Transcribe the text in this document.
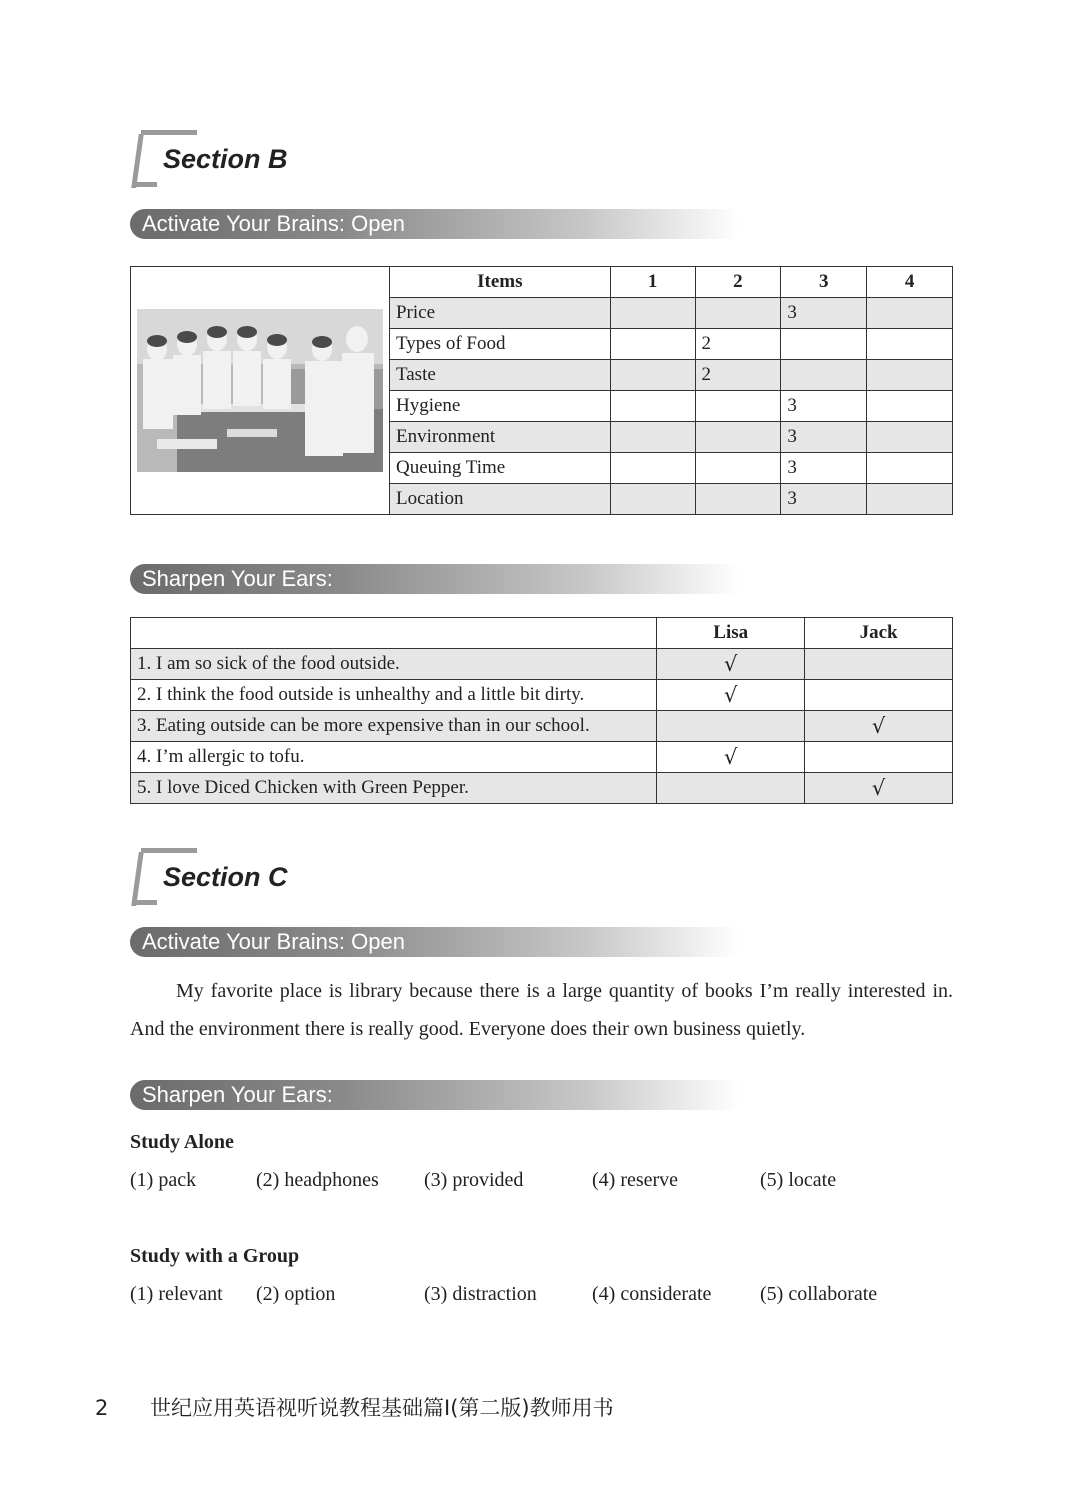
Section B
Activate Your Brains: Open
	Items	1	2	3	4
	Price			3	
	Types of Food		2		
	Taste		2		
	Hygiene			3	
	Environment			3	
	Queuing Time			3	
	Location			3	
Sharpen Your Ears:
	Lisa	Jack
1. I am so sick of the food outside.	√	
2. I think the food outside is unhealthy and a little bit dirty.	√	
3. Eating outside can be more expensive than in our school.		√
4. I’m allergic to tofu.	√	
5. I love Diced Chicken with Green Pepper.		√
Section C
Activate Your Brains: Open

My favorite place is library because there is a large quantity of books I’m really interested in. And the environment there is really good. Everyone does their own business quietly.

Sharpen Your Ears:
Study Alone
(1) pack	(2) headphones (3) provided	(4) reserve	(5) locate
Study with a Group
(1) relevant (2) option	(3) distraction	(4) considerate (5) collaborate
2 世纪应用英语视听说教程基础篇I(第二版)教师用书
